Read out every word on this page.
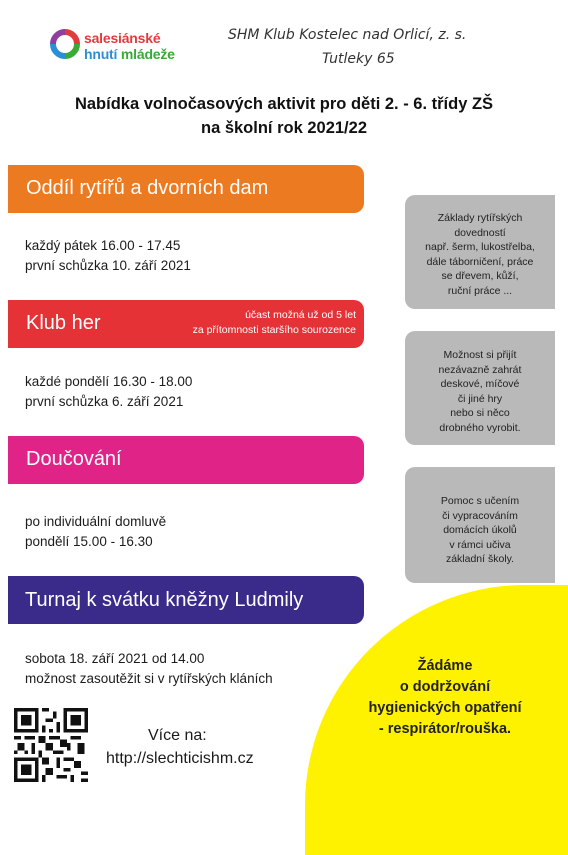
salesiánské
hnutí mládeže
SHM Klub Kostelec nad Orlicí, z. s.
Tutleky 65
Nabídka volnočasových aktivit pro děti 2. - 6. třídy ZŠ
na školní rok 2021/22
Oddíl rytířů a dvorních dam
každý pátek 16.00 - 17.45
první schůzka 10. září 2021
Klub her	účast možná už od 5 let
za přítomnosti staršího sourozence
každé pondělí 16.30 - 18.00
první schůzka 6. září 2021
Doučování
po individuální domluvě
pondělí 15.00 - 16.30
Turnaj k svátku kněžny Ludmily
sobota 18. září 2021 od 14.00
možnost zasoutěžit si v rytířských kláních
Základy rytířských
dovedností
např. šerm, lukostřelba,
dále táborničení, práce
se dřevem, kůží,
ruční práce ...
Možnost si přijít
nezávazně zahrát
deskové, míčové
či jiné hry
nebo si něco
drobného vyrobit.
Pomoc s učením
či vypracováním
domácích úkolů
v rámci učiva
základní školy.
Žádáme
o dodržování
hygienických opatření
- respirátor/rouška.
Více na:
http://slechticishm.cz
